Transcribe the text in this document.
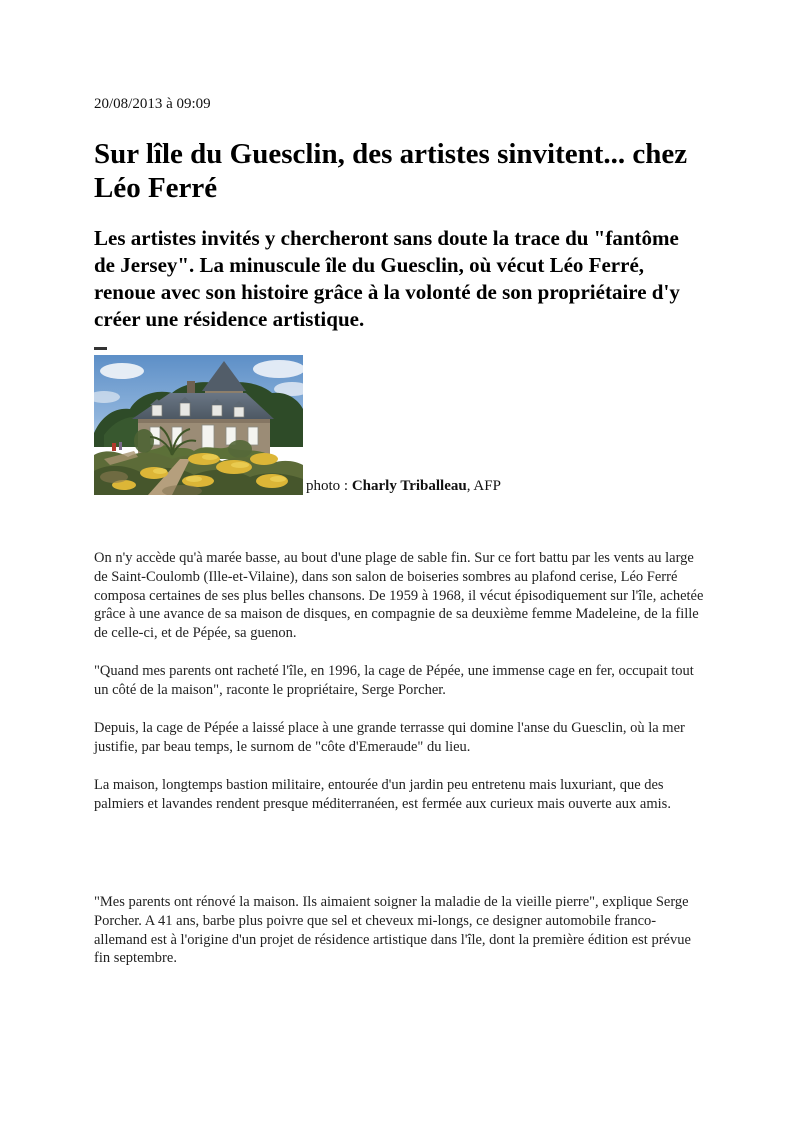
20/08/2013 à 09:09
Sur lîle du Guesclin, des artistes sinvitent... chez Léo Ferré

Les artistes invités y chercheront sans doute la trace du "fantôme de Jersey". La minuscule île du Guesclin, où vécut Léo Ferré, renoue avec son histoire grâce à la volonté de son propriétaire d'y créer une résidence artistique.

photo : Charly Triballeau, AFP

On n'y accède qu'à marée basse, au bout d'une plage de sable fin. Sur ce fort battu par les vents au large de Saint-Coulomb (Ille-et-Vilaine), dans son salon de boiseries sombres au plafond cerise, Léo Ferré composa certaines de ses plus belles chansons. De 1959 à 1968, il vécut épisodiquement sur l'île, achetée grâce à une avance de sa maison de disques, en compagnie de sa deuxième femme Madeleine, de la fille de celle-ci, et de Pépée, sa guenon.

"Quand mes parents ont racheté l'île, en 1996, la cage de Pépée, une immense cage en fer, occupait tout un côté de la maison", raconte le propriétaire, Serge Porcher.

Depuis, la cage de Pépée a laissé place à une grande terrasse qui domine l'anse du Guesclin, où la mer justifie, par beau temps, le surnom de "côte d'Emeraude" du lieu.

La maison, longtemps bastion militaire, entourée d'un jardin peu entretenu mais luxuriant, que des palmiers et lavandes rendent presque méditerranéen, est fermée aux curieux mais ouverte aux amis.

"Mes parents ont rénové la maison. Ils aimaient soigner la maladie de la vieille pierre", explique Serge Porcher. A 41 ans, barbe plus poivre que sel et cheveux mi-longs, ce designer automobile franco-allemand est à l'origine d'un projet de résidence artistique dans l'île, dont la première édition est prévue fin septembre.
